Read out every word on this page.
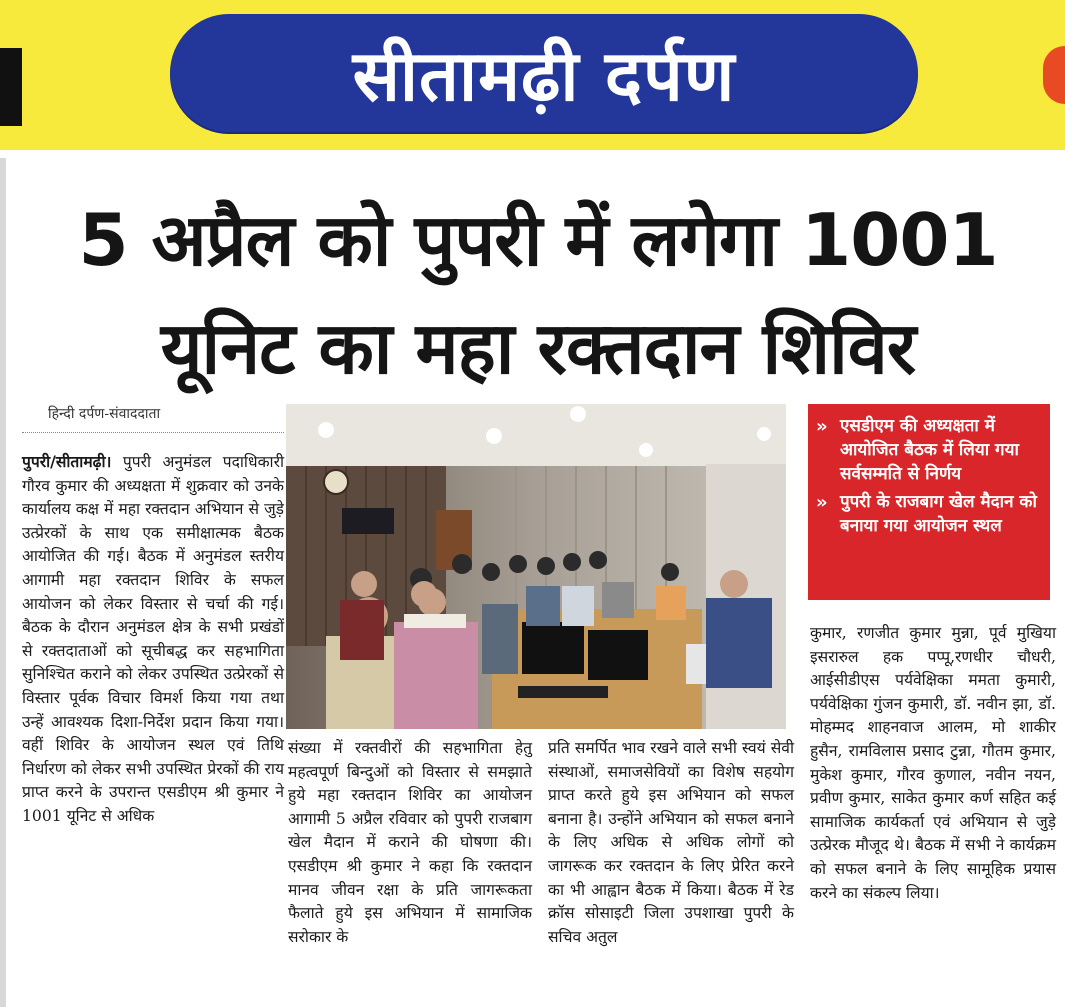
सीतामढ़ी दर्पण
5 अप्रैल को पुपरी में लगेगा 1001
यूनिट का महा रक्तदान शिविर
हिन्दी दर्पण-संवाददाता

पुपरी/सीतामढ़ी। पुपरी अनुमंडल पदाधिकारी गौरव कुमार की अध्यक्षता में शुक्रवार को उनके कार्यालय कक्ष में महा रक्तदान अभियान से जुड़े उत्प्रेरकों के साथ एक समीक्षात्मक बैठक आयोजित की गई। बैठक में अनुमंडल स्तरीय आगामी महा रक्तदान शिविर के सफल आयोजन को लेकर विस्तार से चर्चा की गई। बैठक के दौरान अनुमंडल क्षेत्र के सभी प्रखंडों से रक्तदाताओं को सूचीबद्ध कर सहभागिता सुनिश्चित कराने को लेकर उपस्थित उत्प्रेरकों से विस्तार पूर्वक विचार विमर्श किया गया तथा उन्हें आवश्यक दिशा-निर्देश प्रदान किया गया। वहीं शिविर के आयोजन स्थल एवं तिथि निर्धारण को लेकर सभी उपस्थित प्रेरकों की राय प्राप्त करने के उपरान्त एसडीएम श्री कुमार ने 1001 यूनिट से अधिक

» एसडीएम की अध्यक्षता में आयोजित बैठक में लिया गया सर्वसम्मति से निर्णय
» पुपरी के राजबाग खेल मैदान को बनाया गया आयोजन स्थल

संख्या में रक्तवीरों की सहभागिता हेतु महत्वपूर्ण बिन्दुओं को विस्तार से समझाते हुये महा रक्तदान शिविर का आयोजन आगामी 5 अप्रैल रविवार को पुपरी राजबाग खेल मैदान में कराने की घोषणा की। एसडीएम श्री कुमार ने कहा कि रक्तदान मानव जीवन रक्षा के प्रति जागरूकता फैलाते हुये इस अभियान में सामाजिक सरोकार के

प्रति समर्पित भाव रखने वाले सभी स्वयं सेवी संस्थाओं, समाजसेवियों का विशेष सहयोग प्राप्त करते हुये इस अभियान को सफल बनाना है। उन्होंने अभियान को सफल बनाने के लिए अधिक से अधिक लोगों को जागरूक कर रक्तदान के लिए प्रेरित करने का भी आह्वान बैठक में किया। बैठक में रेड क्रॉस सोसाइटी जिला उपशाखा पुपरी के सचिव अतुल

कुमार, रणजीत कुमार मुन्ना, पूर्व मुखिया इसरारुल हक पप्पू,रणधीर चौधरी, आईसीडीएस पर्यवेक्षिका ममता कुमारी, पर्यवेक्षिका गुंजन कुमारी, डॉ. नवीन झा, डॉ. मोहम्मद शाहनवाज आलम, मो शाकीर हुसैन, रामविलास प्रसाद टुन्ना, गौतम कुमार, मुकेश कुमार, गौरव कुणाल, नवीन नयन, प्रवीण कुमार, साकेत कुमार कर्ण सहित कई सामाजिक कार्यकर्ता एवं अभियान से जुड़े उत्प्रेरक मौजूद थे। बैठक में सभी ने कार्यक्रम को सफल बनाने के लिए सामूहिक प्रयास करने का संकल्प लिया।
